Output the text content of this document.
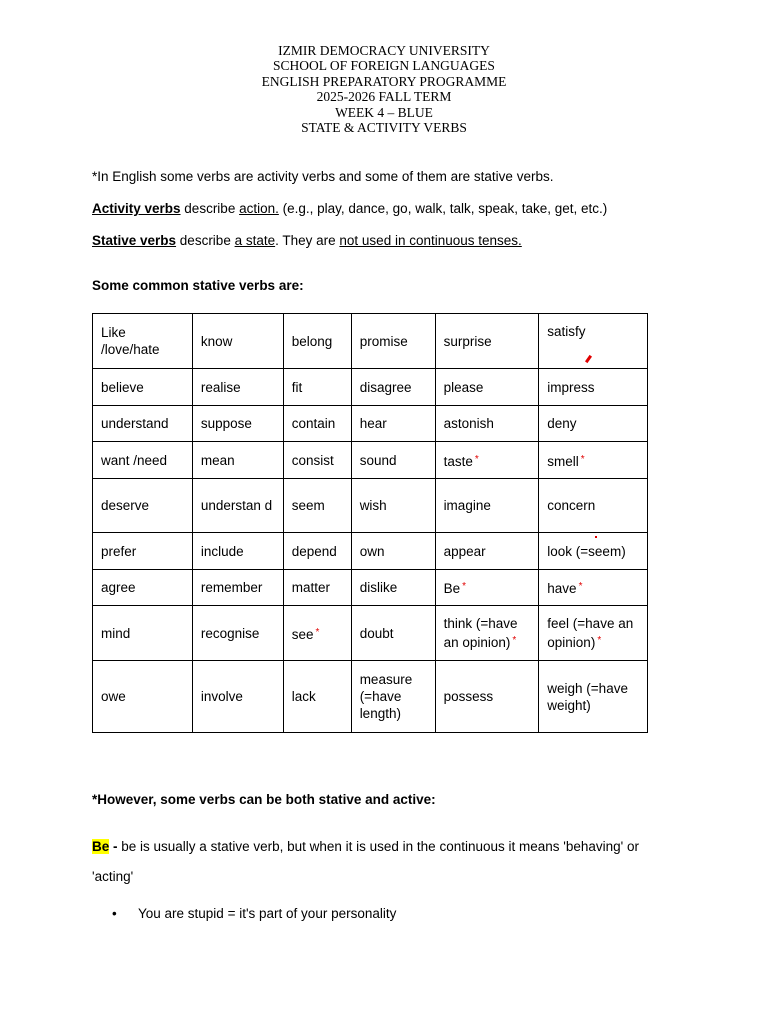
IZMIR DEMOCRACY UNIVERSITY
SCHOOL OF FOREIGN LANGUAGES
ENGLISH PREPARATORY PROGRAMME
2025-2026 FALL TERM
WEEK 4 – BLUE
STATE & ACTIVITY VERBS
*In English some verbs are activity verbs and some of them are stative verbs.
Activity verbs describe action. (e.g., play, dance, go, walk, talk, speak, take, get, etc.)
Stative verbs describe a state. They are not used in continuous tenses.
Some common stative verbs are:
Like /love/hate	know	belong	promise	surprise	satisfy

believe	realise	fit	disagree	please	impress
understand	suppose	contain	hear	astonish	deny
want /need	mean	consist	sound	taste *	smell *
deserve	understan d	seem	wish	imagine	concern
prefer	include	depend	own	appear	look (=seem)

agree	remember	matter	dislike	Be *	have *
mind	recognise	see *	doubt	think (=have an opinion) *	feel (=have an opinion) *
owe	involve	lack	measure (=have length)	possess	weigh (=have weight)
*However, some verbs can be both stative and active:
Be - be is usually a stative verb, but when it is used in the continuous it means 'behaving' or
'acting'
• You are stupid = it's part of your personality
